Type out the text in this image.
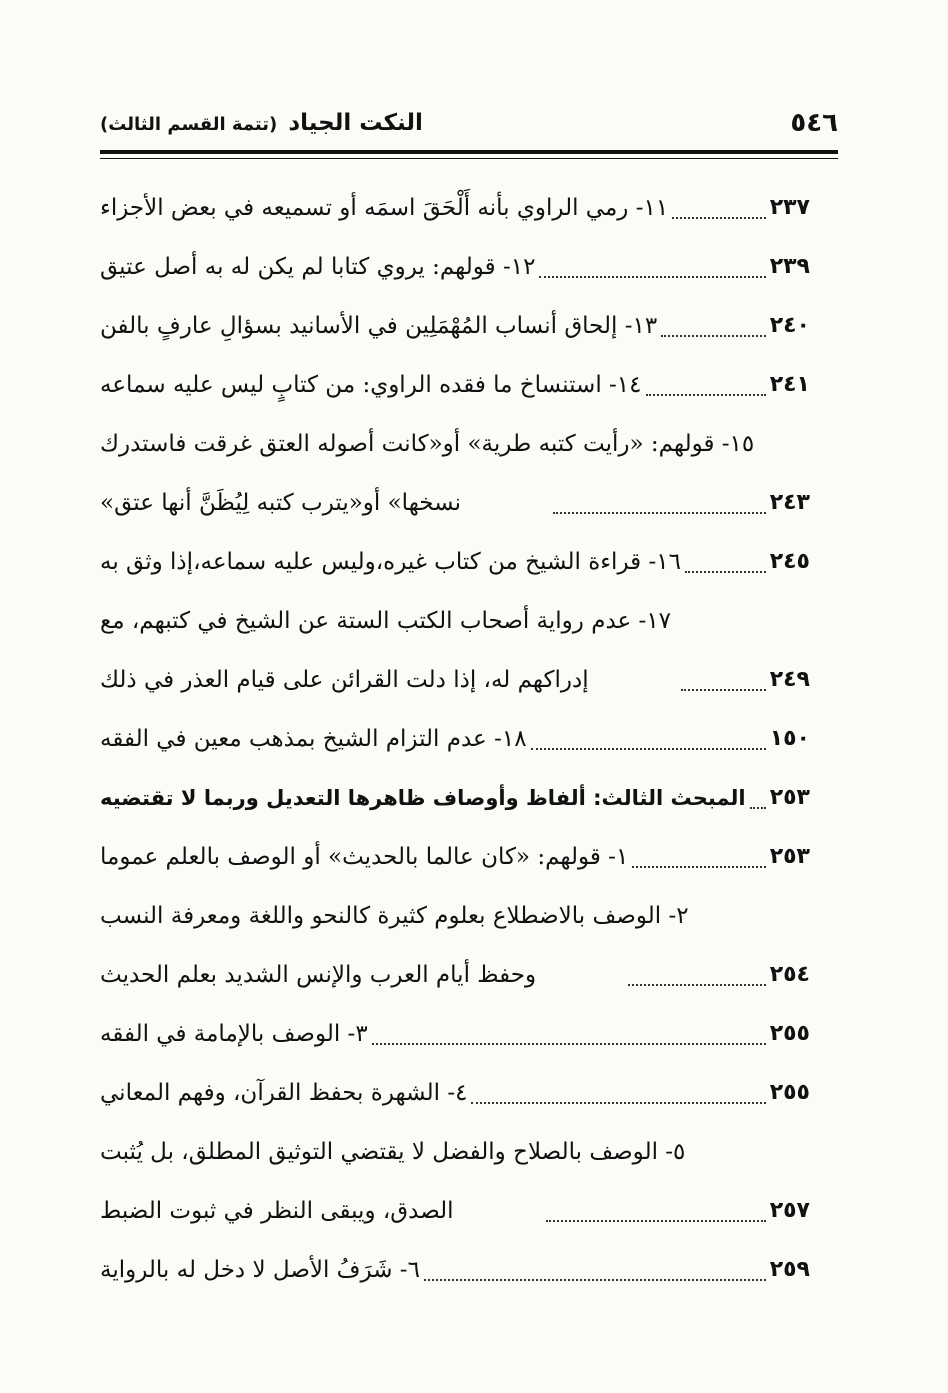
٥٤٦
النكت الجياد (تتمة القسم الثالث)
١١- رمي الراوي بأنه أَلْحَقَ اسمَه أو تسميعه في بعض الأجزاء	٢٣٧
١٢- قولهم: يروي كتابا لم يكن له به أصل عتيق	٢٣٩
١٣- إلحاق أنساب المُهْمَلِين في الأسانيد بسؤالِ عارفٍ بالفن	٢٤٠
١٤- استنساخ ما فقده الراوي: من كتابٍ ليس عليه سماعه	٢٤١
١٥- قولهم: «رأيت كتبه طرية» أو«كانت أصوله العتق غرقت فاستدرك
نسخها» أو«يترب كتبه لِيُظَنَّ أنها عتق»	٢٤٣
١٦- قراءة الشيخ من كتاب غيره،وليس عليه سماعه،إذا وثق به	٢٤٥
١٧- عدم رواية أصحاب الكتب الستة عن الشيخ في كتبهم، مع
إدراكهم له، إذا دلت القرائن على قيام العذر في ذلك	٢٤٩
١٨- عدم التزام الشيخ بمذهب معين في الفقه	١٥٠
المبحث الثالث: ألفاظ وأوصاف ظاهرها التعديل وربما لا تقتضيه ٢٥٣
١- قولهم: «كان عالما بالحديث» أو الوصف بالعلم عموما	٢٥٣
٢- الوصف بالاضطلاع بعلوم كثيرة كالنحو واللغة ومعرفة النسب
وحفظ أيام العرب والإنس الشديد بعلم الحديث	٢٥٤
٣- الوصف بالإمامة في الفقه	٢٥٥
٤- الشهرة بحفظ القرآن، وفهم المعاني	٢٥٥
٥- الوصف بالصلاح والفضل لا يقتضي التوثيق المطلق، بل يُثبت
الصدق، ويبقى النظر في ثبوت الضبط	٢٥٧
٦- شَرَفُ الأصل لا دخل له بالرواية	٢٥٩
